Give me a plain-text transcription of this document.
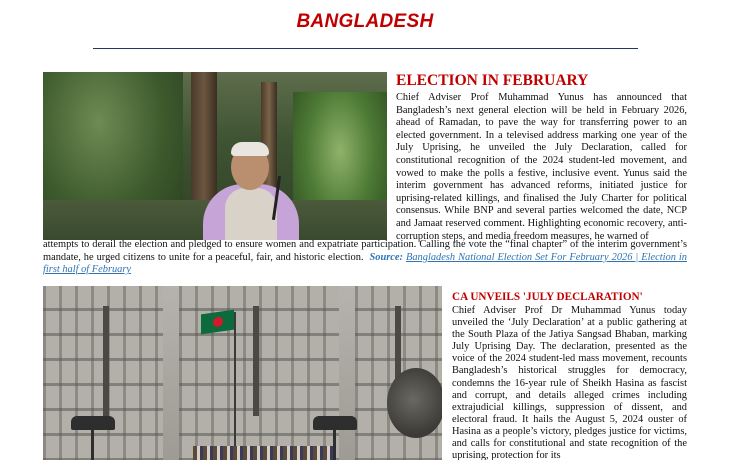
BANGLADESH
ELECTION IN FEBRUARY
Chief Adviser Prof Muhammad Yunus has announced that Bangladesh’s next general election will be held in February 2026, ahead of Ramadan, to pave the way for transferring power to an elected government. In a televised address marking one year of the July Uprising, he unveiled the July Declaration, called for constitutional recognition of the 2024 student-led movement, and vowed to make the polls a festive, inclusive event. Yunus said the interim government has advanced reforms, initiated justice for uprising-related killings, and finalised the July Charter for political consensus. While BNP and several parties welcomed the date, NCP and Jamaat reserved comment. Highlighting economic recovery, anti-corruption steps, and media freedom measures, he warned of
attempts to derail the election and pledged to ensure women and expatriate participation. Calling the vote the “final chapter” of the interim government’s mandate, he urged citizens to unite for a peaceful, fair, and historic election. Source: Bangladesh National Election Set For February 2026 | Election in first half of February
CA UNVEILS 'JULY DECLARATION'
Chief Adviser Prof Dr Muhammad Yunus today unveiled the ‘July Declaration’ at a public gathering at the South Plaza of the Jatiya Sangsad Bhaban, marking July Uprising Day. The declaration, presented as the voice of the 2024 student-led mass movement, recounts Bangladesh’s historical struggles for democracy, condemns the 16-year rule of Sheikh Hasina as fascist and corrupt, and details alleged crimes including extrajudicial killings, suppression of dissent, and electoral fraud. It hails the August 5, 2024 ouster of Hasina as a people’s victory, pledges justice for victims, and calls for constitutional and state recognition of the uprising, protection for its
